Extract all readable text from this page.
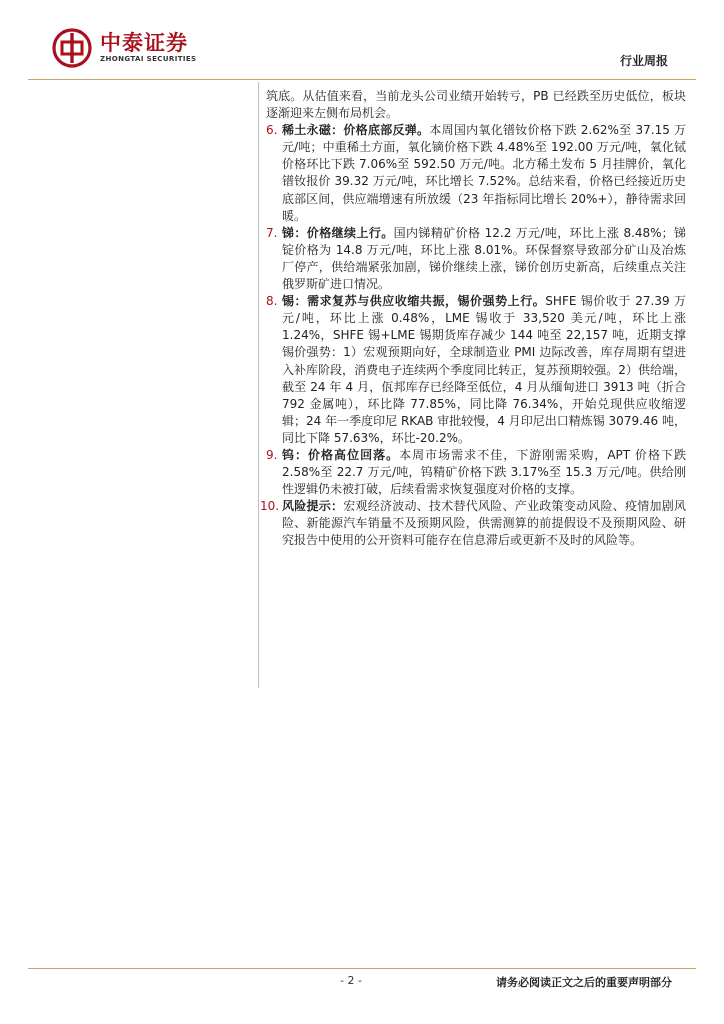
中泰证券
ZHONGTAI SECURITIES	行业周报
筑底。从估值来看，当前龙头公司业绩开始转亏，PB 已经跌至历史低位，板块逐渐迎来左侧布局机会。
6. 稀土永磁：价格底部反弹。本周国内氧化镨钕价格下跌 2.62%至 37.15 万元/吨；中重稀土方面，氧化镝价格下跌 4.48%至 192.00 万元/吨，氧化铽价格环比下跌 7.06%至 592.50 万元/吨。北方稀土发布 5 月挂牌价，氧化镨钕报价 39.32 万元/吨，环比增长 7.52%。总结来看，价格已经接近历史底部区间，供应端增速有所放缓（23 年指标同比增长 20%+），静待需求回暖。
7. 锑：价格继续上行。国内锑精矿价格 12.2 万元/吨，环比上涨 8.48%；锑锭价格为 14.8 万元/吨，环比上涨 8.01%。环保督察导致部分矿山及冶炼厂停产，供给端紧张加剧，锑价继续上涨，锑价创历史新高，后续重点关注俄罗斯矿进口情况。
8. 锡：需求复苏与供应收缩共振，锡价强势上行。SHFE 锡价收于 27.39 万元/吨，环比上涨 0.48%，LME 锡收于 33,520 美元/吨，环比上涨 1.24%，SHFE 锡+LME 锡期货库存减少 144 吨至 22,157 吨，近期支撑锡价强势：1）宏观预期向好，全球制造业 PMI 边际改善，库存周期有望进入补库阶段，消费电子连续两个季度同比转正，复苏预期较强。2）供给端，截至 24 年 4 月，佤邦库存已经降至低位，4 月从缅甸进口 3913 吨（折合 792 金属吨），环比降 77.85%，同比降 76.34%，开始兑现供应收缩逻辑；24 年一季度印尼 RKAB 审批较慢，4 月印尼出口精炼锡 3079.46 吨，同比下降 57.63%，环比-20.2%。
9. 钨：价格高位回落。本周市场需求不佳，下游刚需采购，APT 价格下跌 2.58%至 22.7 万元/吨，钨精矿价格下跌 3.17%至 15.3 万元/吨。供给刚性逻辑仍未被打破，后续看需求恢复强度对价格的支撑。
10. 风险提示：宏观经济波动、技术替代风险、产业政策变动风险、疫情加剧风险、新能源汽车销量不及预期风险，供需测算的前提假设不及预期风险、研究报告中使用的公开资料可能存在信息滞后或更新不及时的风险等。
- 2 -	请务必阅读正文之后的重要声明部分
